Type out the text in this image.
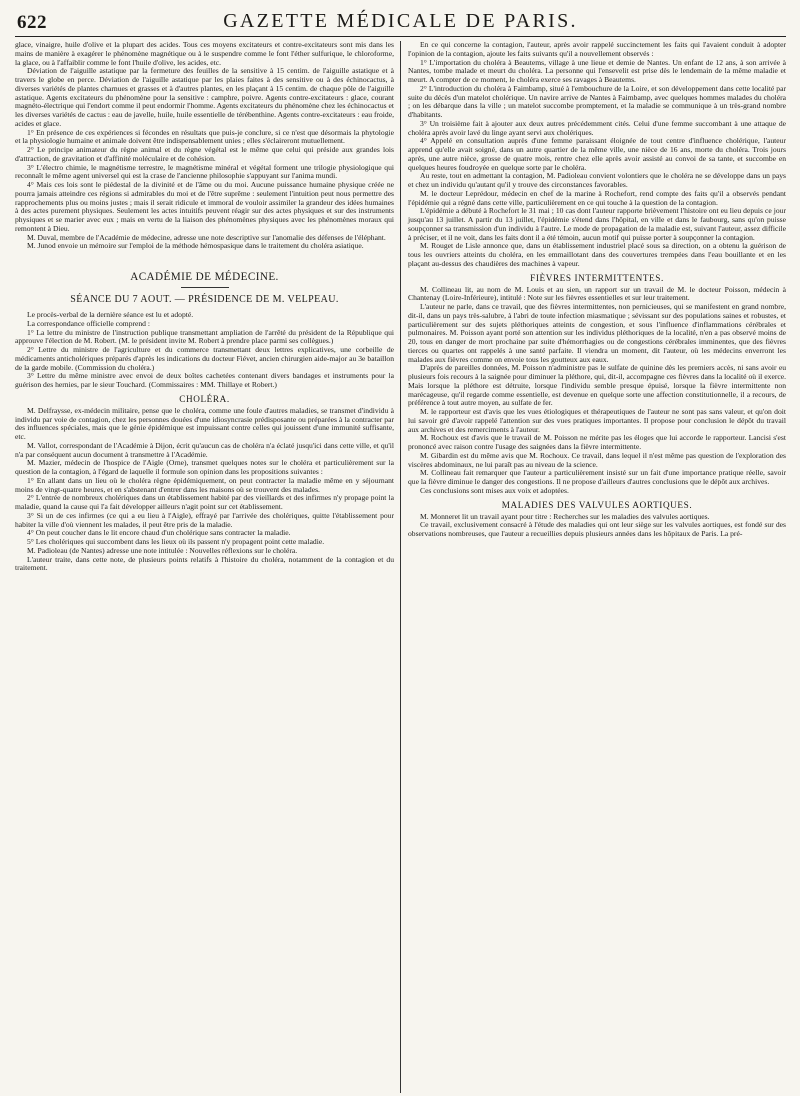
622	GAZETTE MÉDICALE DE PARIS.

glace, vinaigre, huile d'olive et la plupart des acides. Tous ces moyens excitateurs et contre-excitateurs sont mis dans les mains de manière à exagérer le phénomène magnétique ou à le suspendre comme le font l'éther sulfurique, le chloroforme, la glace, ou à l'affaiblir comme le font l'huile d'olive, les acides, etc.

Déviation de l'aiguille astatique par la fermeture des feuilles de la sensitive à 15 centim. de l'aiguille astatique et à travers le globe en perce. Déviation de l'aiguille astatique par les plaies faites à des sensitive ou à des échinocactus, à diverses variétés de plantes charnues et grasses et à d'autres plantes, en les plaçant à 15 centim. de chaque pôle de l'aiguille astatique. Agents excitateurs du phénomène pour la sensitive : camphre, poivre. Agents contre-excitateurs : glace, courant magnéto-électrique qui l'endort comme il peut endormir l'homme. Agents excitateurs du phénomène chez les échinocactus et les diverses variétés de cactus : eau de javelle, huile, huile essentielle de térébenthine. Agents contre-excitateurs : eau froide, acides et glace.

1° En présence de ces expériences si fécondes en résultats que puis-je conclure, si ce n'est que désormais la phytologie et la physiologie humaine et animale doivent être indispensablement unies ; elles s'éclaireront mutuellement.

2° Le principe animateur du règne animal et du règne végétal est le même que celui qui préside aux grandes lois d'attraction, de gravitation et d'affinité moléculaire et de cohésion.

3° L'électro chimie, le magnétisme terrestre, le magnétisme minéral et végétal forment une trilogie physiologique qui reconnaît le même agent universel qui est la crase de l'ancienne philosophie s'appuyant sur l'anima mundi.

4° Mais ces lois sont le piédestal de la divinité et de l'âme ou du moi. Aucune puissance humaine physique créée ne pourra jamais atteindre ces régions si admirables du moi et de l'être suprême : seulement l'intuition peut nous permettre des rapprochements plus ou moins justes ; mais il serait ridicule et immoral de vouloir assimiler la grandeur des idées humaines à des actes purement physiques. Seulement les actes intuitifs peuvent réagir sur des actes physiques et sur des instruments physiques et se marier avec eux ; mais en vertu de la liaison des phénomènes physiques avec les phénomènes moraux qui remontent à Dieu.

M. Duval, membre de l'Académie de médecine, adresse une note descriptive sur l'anomalie des défenses de l'éléphant.

M. Junod envoie un mémoire sur l'emploi de la méthode hémospasique dans le traitement du choléra asiatique.

ACADÉMIE DE MÉDECINE.
SÉANCE DU 7 AOUT. — PRÉSIDENCE DE M. VELPEAU.

Le procès-verbal de la dernière séance est lu et adopté.

La correspondance officielle comprend :

1° La lettre du ministre de l'instruction publique transmettant ampliation de l'arrêté du président de la République qui approuve l'élection de M. Robert. (M. le président invite M. Robert à prendre place parmi ses collègues.)

2° Lettre du ministre de l'agriculture et du commerce transmettant deux lettres explicatives, une corbeille de médicaments anticholériques préparés d'après les indications du docteur Fiévet, ancien chirurgien aide-major au 3e bataillon de la garde mobile. (Commission du choléra.)

3° Lettre du même ministre avec envoi de deux boîtes cachetées contenant divers bandages et instruments pour la guérison des hernies, par le sieur Touchard. (Commissaires : MM. Thillaye et Robert.)

CHOLÉRA.

M. Delfraysse, ex-médecin militaire, pense que le choléra, comme une foule d'autres maladies, se transmet d'individu à individu par voie de contagion, chez les personnes douées d'une idiosyncrasie prédisposante ou préparées à la contracter par des influences spéciales, mais que le génie épidémique est impuissant contre celles qui jouissent d'une immunité suffisante, etc.

M. Vallot, correspondant de l'Académie à Dijon, écrit qu'aucun cas de choléra n'a éclaté jusqu'ici dans cette ville, et qu'il n'a par conséquent aucun document à transmettre à l'Académie.

M. Mazier, médecin de l'hospice de l'Aigle (Orne), transmet quelques notes sur le choléra et particulièrement sur la question de la contagion, à l'égard de laquelle il formule son opinion dans les propositions suivantes :

1° En allant dans un lieu où le choléra règne épidémiquement, on peut contracter la maladie même en y séjournant moins de vingt-quatre heures, et en s'abstenant d'entrer dans les maisons où se trouvent des malades.

2° L'entrée de nombreux cholériques dans un établissement habité par des vieillards et des infirmes n'y propage point la maladie, quand la cause qui l'a fait développer ailleurs n'agit point sur cet établissement.

3° Si un de ces infirmes (ce qui a eu lieu à l'Aigle), effrayé par l'arrivée des cholériques, quitte l'établissement pour habiter la ville d'où viennent les malades, il peut être pris de la maladie.

4° On peut coucher dans le lit encore chaud d'un cholérique sans contracter la maladie.

5° Les cholériques qui succombent dans les lieux où ils passent n'y propagent point cette maladie.

M. Padioleau (de Nantes) adresse une note intitulée : Nouvelles réflexions sur le choléra.

L'auteur traite, dans cette note, de plusieurs points relatifs à l'histoire du choléra, notamment de la contagion et du traitement.

En ce qui concerne la contagion, l'auteur, après avoir rappelé succinctement les faits qui l'avaient conduit à adopter l'opinion de la contagion, ajoute les faits suivants qu'il a nouvellement observés :

1° L'importation du choléra à Beautems, village à une lieue et demie de Nantes. Un enfant de 12 ans, à son arrivée à Nantes, tombe malade et meurt du choléra. La personne qui l'ensevelit est prise dès le lendemain de la même maladie et meurt. A compter de ce moment, le choléra exerce ses ravages à Beautems.

2° L'introduction du choléra à Faimbamp, situé à l'embouchure de la Loire, et son développement dans cette localité par suite du décès d'un matelot cholérique. Un navire arrive de Nantes à Faimbamp, avec quelques hommes malades du choléra ; on les débarque dans la ville ; un matelot succombe promptement, et la maladie se communique à un très-grand nombre d'habitants.

3° Un troisième fait à ajouter aux deux autres précédemment cités. Celui d'une femme succombant à une attaque de choléra après avoir lavé du linge ayant servi aux cholériques.

4° Appelé en consultation auprès d'une femme paraissant éloignée de tout centre d'influence cholérique, l'auteur apprend qu'elle avait soigné, dans un autre quartier de la même ville, une nièce de 16 ans, morte du choléra. Trois jours après, une autre nièce, grosse de quatre mois, rentre chez elle après avoir assisté au convoi de sa tante, et succombe en quelques heures foudroyée en quelque sorte par le choléra.

Au reste, tout en admettant la contagion, M. Padioleau convient volontiers que le choléra ne se développe dans un pays et chez un individu qu'autant qu'il y trouve des circonstances favorables.

M. le docteur Leprédour, médecin en chef de la marine à Rochefort, rend compte des faits qu'il a observés pendant l'épidémie qui a régné dans cette ville, particulièrement en ce qui touche à la question de la contagion.

L'épidémie a débuté à Rochefort le 31 mai ; 10 cas dont l'auteur rapporte brièvement l'histoire ont eu lieu depuis ce jour jusqu'au 13 juillet. A partir du 13 juillet, l'épidémie s'étend dans l'hôpital, en ville et dans le faubourg, sans qu'on puisse soupçonner sa transmission d'un individu à l'autre. Le mode de propagation de la maladie est, suivant l'auteur, assez difficile à préciser, et il ne voit, dans les faits dont il a été témoin, aucun motif qui puisse porter à soupçonner la contagion.

M. Rouget de Lisle annonce que, dans un établissement industriel placé sous sa direction, on a obtenu la guérison de tous les ouvriers atteints du choléra, en les emmaillotant dans des couvertures trempées dans l'eau bouillante et en les plaçant au-dessus des chaudières des machines à vapeur.

FIÈVRES INTERMITTENTES.

M. Collineau lit, au nom de M. Louis et au sien, un rapport sur un travail de M. le docteur Poisson, médecin à Chantenay (Loire-Inférieure), intitulé : Note sur les fièvres essentielles et sur leur traitement.

L'auteur ne parle, dans ce travail, que des fièvres intermittentes, non pernicieuses, qui se manifestent en grand nombre, dit-il, dans un pays très-salubre, à l'abri de toute infection miasmatique ; sévissant sur des populations saines et robustes, et particulièrement sur des sujets pléthoriques atteints de congestion, et sous l'influence d'inflammations cérébrales et pulmonaires. M. Poisson ayant porté son attention sur les individus pléthoriques de la localité, n'en a pas observé moins de 20, tous en danger de mort prochaine par suite d'hémorrhagies ou de congestions cérébrales imminentes, que des fièvres tierces ou quartes ont rappelés à une santé parfaite. Il viendra un moment, dit l'auteur, où les médecins enverront les malades aux fièvres comme on envoie tous les goutteux aux eaux.

D'après de pareilles données, M. Poisson n'administre pas le sulfate de quinine dès les premiers accès, ni sans avoir eu plusieurs fois recours à la saignée pour diminuer la pléthore, qui, dit-il, accompagne ces fièvres dans la localité où il exerce. Mais lorsque la pléthore est détruite, lorsque l'individu semble presque épuisé, lorsque la fièvre intermittente non marécageuse, qu'il regarde comme essentielle, est devenue en quelque sorte une affection constitutionnelle, il a recours, de préférence à tout autre moyen, au sulfate de fer.

M. le rapporteur est d'avis que les vues étiologiques et thérapeutiques de l'auteur ne sont pas sans valeur, et qu'on doit lui savoir gré d'avoir rappelé l'attention sur des vues pratiques importantes. Il propose pour conclusion le dépôt du travail aux archives et des remerciments à l'auteur.

M. Rochoux est d'avis que le travail de M. Poisson ne mérite pas les éloges que lui accorde le rapporteur. Lancisi s'est prononcé avec raison contre l'usage des saignées dans la fièvre intermittente.

M. Gibardin est du même avis que M. Rochoux. Ce travail, dans lequel il n'est même pas question de l'exploration des viscères abdominaux, ne lui paraît pas au niveau de la science.

M. Collineau fait remarquer que l'auteur a particulièrement insisté sur un fait d'une importance pratique réelle, savoir que la fièvre diminue le danger des congestions. Il ne propose d'ailleurs d'autres conclusions que le dépôt aux archives.

Ces conclusions sont mises aux voix et adoptées.

MALADIES DES VALVULES AORTIQUES.

M. Monneret lit un travail ayant pour titre : Recherches sur les maladies des valvules aortiques.

Ce travail, exclusivement consacré à l'étude des maladies qui ont leur siège sur les valvules aortiques, est fondé sur des observations nombreuses, que l'auteur a recueillies depuis plusieurs années dans les hôpitaux de Paris. La pré-
